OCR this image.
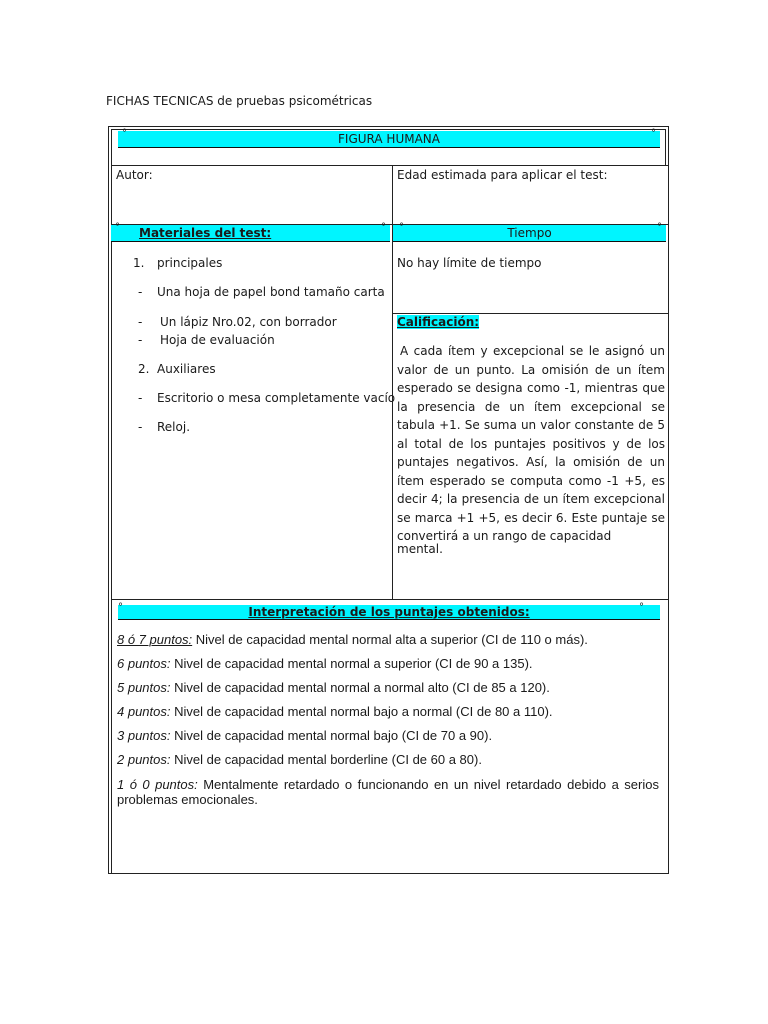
FICHAS TECNICAS de pruebas psicométricas
°	FIGURA HUMANA	°
Autor:	Edad estimada para aplicar el test:
° Materiales del test:	°
1. principales
- Una hoja de papel bond tamaño carta
- Un lápiz Nro.02, con borrador
- Hoja de evaluación
2. Auxiliares
- Escritorio o mesa completamente vacío
- Reloj.
°	Tiempo	°
No hay límite de tiempo
Calificación:
A cada ítem y excepcional se le asignó un valor de un punto. La omisión de un ítem esperado se designa como -1, mientras que la presencia de un ítem excepcional se tabula +1. Se suma un valor constante de 5 al total de los puntajes positivos y de los puntajes negativos. Así, la omisión de un ítem esperado se computa como -1 +5, es decir 4; la presencia de un ítem excepcional se marca +1 +5, es decir 6. Este puntaje se convertirá a un rango de capacidad
mental.
°	Interpretación de los puntajes obtenidos:	°
8 ó 7 puntos: Nivel de capacidad mental normal alta a superior (CI de 110 o más).
6 puntos: Nivel de capacidad mental normal a superior (CI de 90 a 135).
5 puntos: Nivel de capacidad mental normal a normal alto (CI de 85 a 120).
4 puntos: Nivel de capacidad mental normal bajo a normal (CI de 80 a 110).
3 puntos: Nivel de capacidad mental normal bajo (CI de 70 a 90).
2 puntos: Nivel de capacidad mental borderline (CI de 60 a 80).
1 ó 0 puntos: Mentalmente retardado o funcionando en un nivel retardado debido a serios problemas emocionales.
